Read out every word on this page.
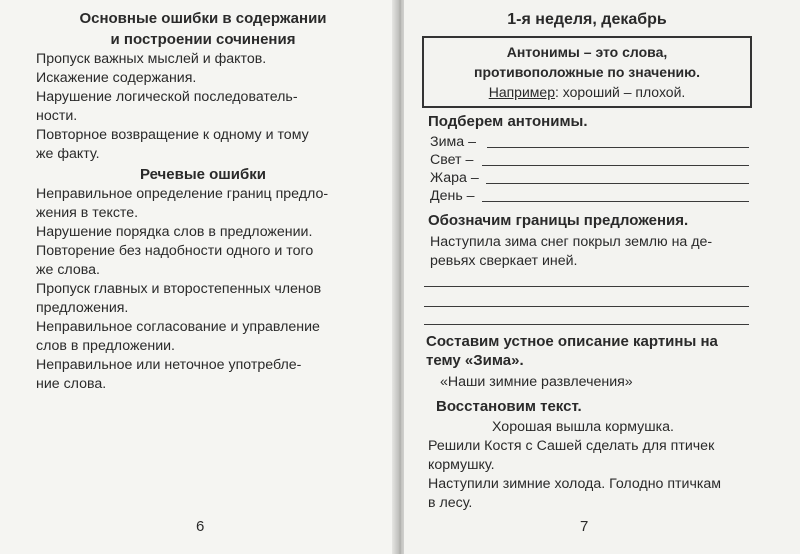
Основные ошибки в содержании
и построении сочинения
Пропуск важных мыслей и фактов.
Искажение содержания.
Нарушение логической последователь-
ности.
Повторное возвращение к одному и тому
же факту.
Речевые ошибки
Неправильное определение границ предло-
жения в тексте.
Нарушение порядка слов в предложении.
Повторение без надобности одного и того
же слова.
Пропуск главных и второстепенных членов
предложения.
Неправильное согласование и управление
слов в предложении.
Неправильное или неточное употребле-
ние слова.
6
1-я неделя, декабрь
Антонимы – это слова,
противоположные по значению.
Например: хороший – плохой.
Подберем антонимы.
Зима –
Свет –
Жара –
День –
Обозначим границы предложения.
Наступила зима снег покрыл землю на де-
ревьях сверкает иней.
Составим устное описание картины на
тему «Зима».
«Наши зимние развлечения»
Восстановим текст.
Хорошая вышла кормушка.
Решили Костя с Сашей сделать для птичек
кормушку.
Наступили зимние холода. Голодно птичкам
в лесу.
7
